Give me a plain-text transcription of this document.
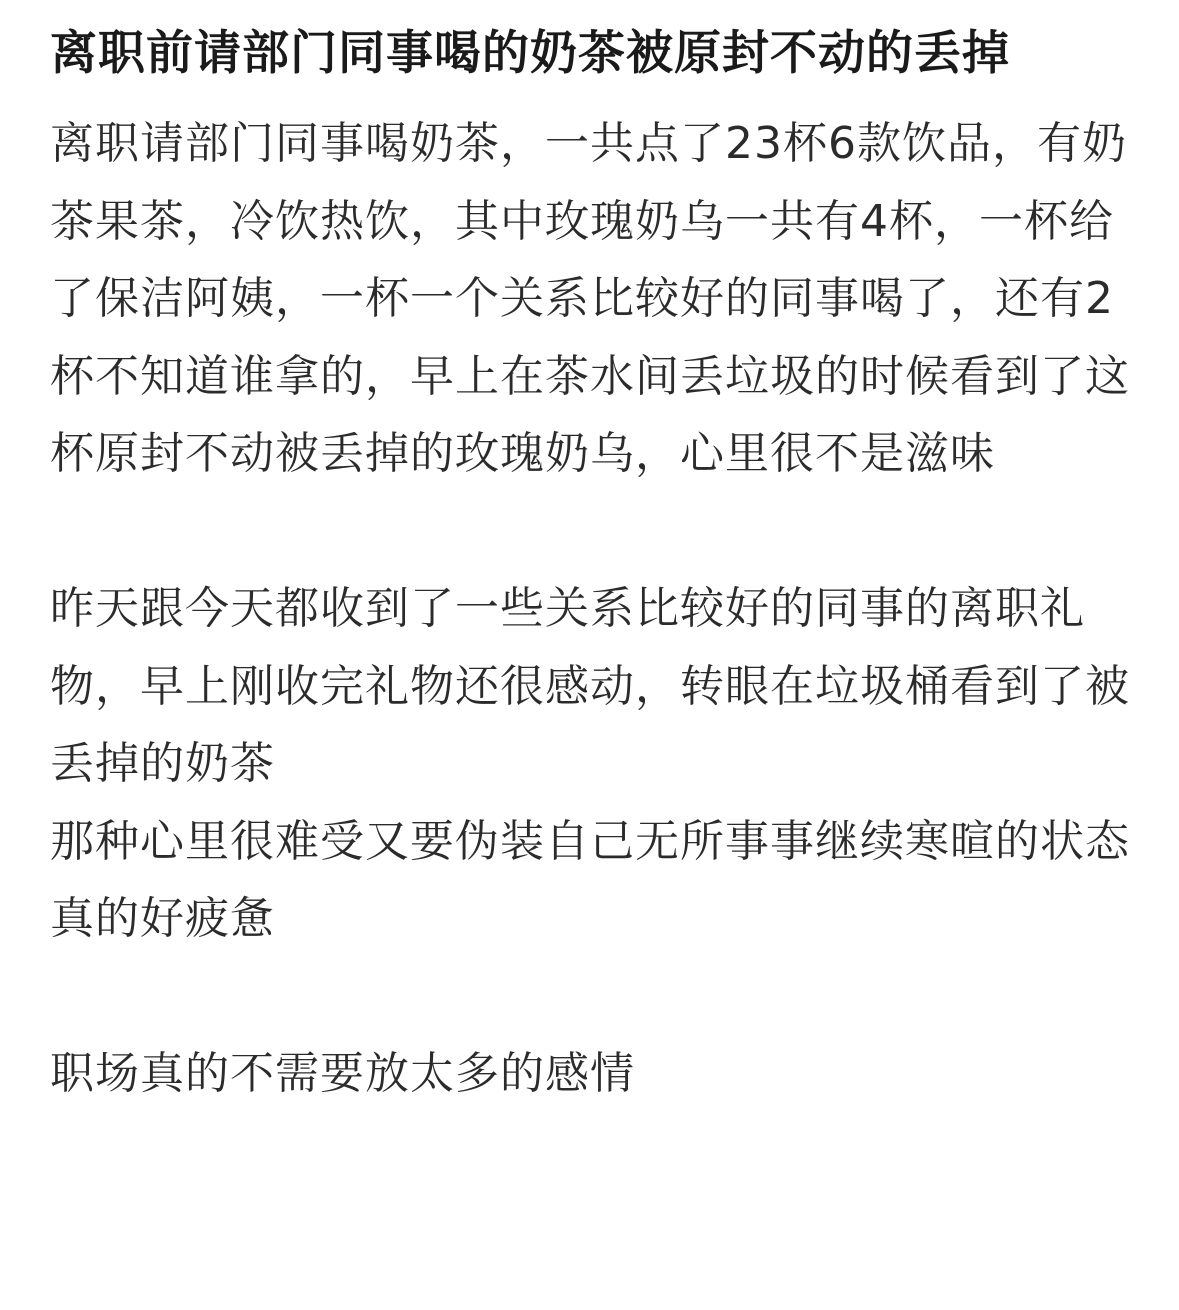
离职前请部门同事喝的奶茶被原封不动的丢掉

离职请部门同事喝奶茶，一共点了23杯6款饮品，有奶茶果茶，冷饮热饮，其中玫瑰奶乌一共有4杯，一杯给了保洁阿姨，一杯一个关系比较好的同事喝了，还有2杯不知道谁拿的，早上在茶水间丢垃圾的时候看到了这杯原封不动被丢掉的玫瑰奶乌，心里很不是滋味

昨天跟今天都收到了一些关系比较好的同事的离职礼物，早上刚收完礼物还很感动，转眼在垃圾桶看到了被丢掉的奶茶

那种心里很难受又要伪装自己无所事事继续寒暄的状态真的好疲惫

职场真的不需要放太多的感情
